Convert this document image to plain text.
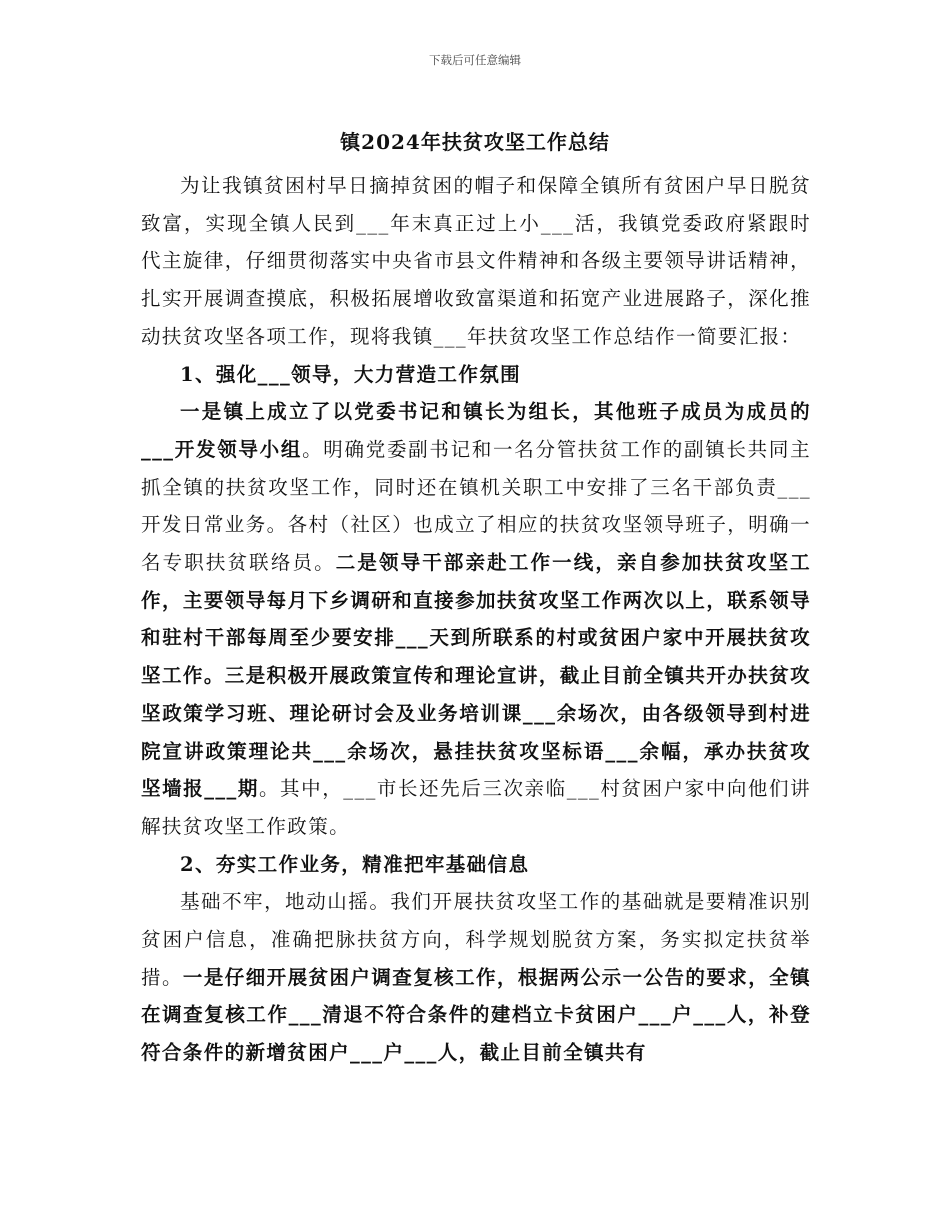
下载后可任意编辑
镇2024年扶贫攻坚工作总结

为让我镇贫困村早日摘掉贫困的帽子和保障全镇所有贫困户早日脱贫致富，实现全镇人民到___年末真正过上小___活，我镇党委政府紧跟时代主旋律，仔细贯彻落实中央省市县文件精神和各级主要领导讲话精神，扎实开展调查摸底，积极拓展增收致富渠道和拓宽产业进展路子，深化推动扶贫攻坚各项工作，现将我镇___年扶贫攻坚工作总结作一简要汇报：

1、强化___领导，大力营造工作氛围

一是镇上成立了以党委书记和镇长为组长，其他班子成员为成员的___开发领导小组。明确党委副书记和一名分管扶贫工作的副镇长共同主抓全镇的扶贫攻坚工作，同时还在镇机关职工中安排了三名干部负责___开发日常业务。各村（社区）也成立了相应的扶贫攻坚领导班子，明确一名专职扶贫联络员。二是领导干部亲赴工作一线，亲自参加扶贫攻坚工作，主要领导每月下乡调研和直接参加扶贫攻坚工作两次以上，联系领导和驻村干部每周至少要安排___天到所联系的村或贫困户家中开展扶贫攻坚工作。三是积极开展政策宣传和理论宣讲，截止目前全镇共开办扶贫攻坚政策学习班、理论研讨会及业务培训课___余场次，由各级领导到村进院宣讲政策理论共___余场次，悬挂扶贫攻坚标语___余幅，承办扶贫攻坚墙报___期。其中，___市长还先后三次亲临___村贫困户家中向他们讲解扶贫攻坚工作政策。

2、夯实工作业务，精准把牢基础信息

基础不牢，地动山摇。我们开展扶贫攻坚工作的基础就是要精准识别贫困户信息，准确把脉扶贫方向，科学规划脱贫方案，务实拟定扶贫举措。一是仔细开展贫困户调查复核工作，根据两公示一公告的要求，全镇在调查复核工作___清退不符合条件的建档立卡贫困户___户___人，补登符合条件的新增贫困户___户___人，截止目前全镇共有
